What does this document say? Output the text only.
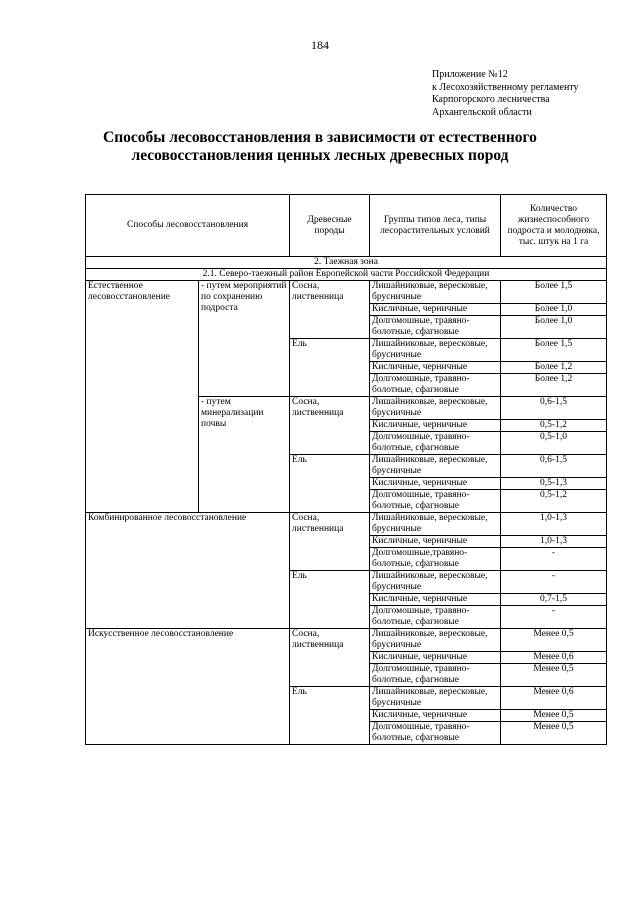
184
Приложение №12
к Лесохозяйственному регламенту
Карпогорского лесничества
Архангельской области
Способы лесовосстановления в зависимости от естественного
лесовосстановления ценных лесных древесных пород
Способы лесовосстановления		Древесные породы	Группы типов леса, типы лесорастительных условий	Количество жизнеспособного подроста и молодняка, тыс. штук на 1 га
2. Таежная зона				
2.1. Северо-таежный район Европейской части Российской Федерации				
Естественное лесовосстановление	- путем мероприятий по сохранению подроста	Сосна, лиственница	Лишайниковые, вересковые, брусничные	Более 1,5
			Кисличные, черничные	Более 1,0
			Долгомошные, травяно-болотные, сфагновые	Более 1,0
		Ель	Лишайниковые, вересковые, брусничные	Более 1,5
			Кисличные, черничные	Более 1,2
			Долгомошные, травяно-болотные, сфагновые	Более 1,2
	- путем минерализации почвы	Сосна, лиственница	Лишайниковые, вересковые, брусничные	0,6-1,5
			Кисличные, черничные	0,5-1,2
			Долгомошные, травяно-болотные, сфагновые	0,5-1,0
		Ель	Лишайниковые, вересковые, брусничные	0,6-1,5
			Кисличные, черничные	0,5-1,3
			Долгомошные, травяно-болотные, сфагновые	0,5-1,2
Комбинированное лесовосстановление		Сосна, лиственница	Лишайниковые, вересковые, брусничные	1,0-1,3
			Кисличные, черничные	1,0-1,3
			Долгомошные,травяно-болотные, сфагновые	-
		Ель	Лишайниковые, вересковые, брусничные	-
			Кисличные, черничные	0,7-1,5
			Долгомошные, травяно-болотные, сфагновые	-
Искусственное лесовосстановление		Сосна, лиственница	Лишайниковые, вересковые, брусничные	Менее 0,5
			Кисличные, черничные	Менее 0,6
			Долгомошные, травяно-болотные, сфагновые	Менее 0,5
		Ель	Лишайниковые, вересковые, брусничные	Менее 0,6
			Кисличные, черничные	Менее 0,5
			Долгомошные, травяно-болотные, сфагновые	Менее 0,5
